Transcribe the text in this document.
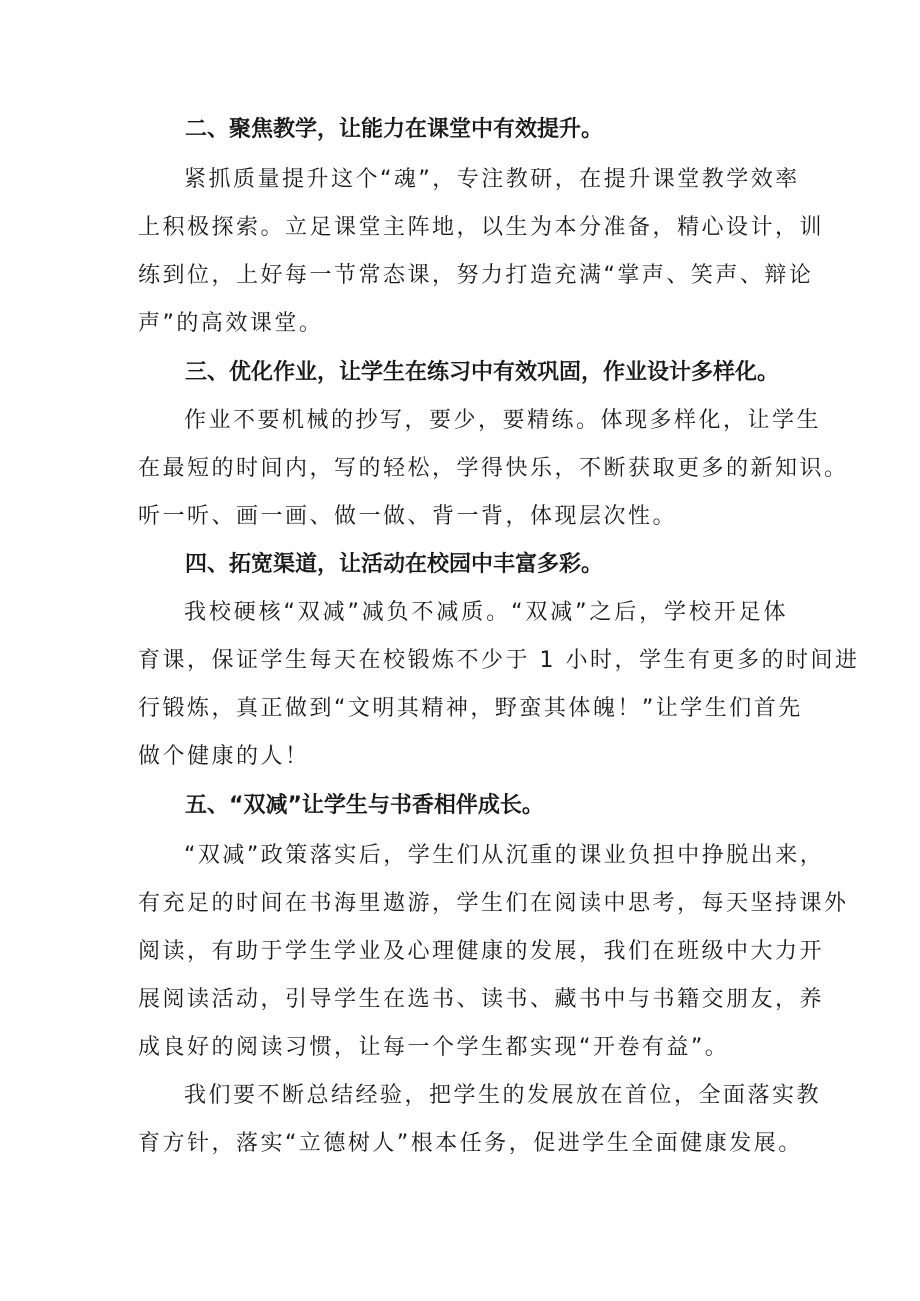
二、聚焦教学，让能力在课堂中有效提升。
紧抓质量提升这个“魂”，专注教研，在提升课堂教学效率
上积极探索。立足课堂主阵地，以生为本分准备，精心设计，训
练到位，上好每一节常态课，努力打造充满“掌声、笑声、辩论
声”的高效课堂。
三、优化作业，让学生在练习中有效巩固，作业设计多样化。
作业不要机械的抄写，要少，要精练。体现多样化，让学生
在最短的时间内，写的轻松，学得快乐，不断获取更多的新知识。
听一听、画一画、做一做、背一背，体现层次性。
四、拓宽渠道，让活动在校园中丰富多彩。
我校硬核“双减”减负不减质。“双减”之后，学校开足体
育课，保证学生每天在校锻炼不少于 1 小时，学生有更多的时间进
行锻炼，真正做到“文明其精神，野蛮其体魄！”让学生们首先
做个健康的人！
五、“双减”让学生与书香相伴成长。
“双减”政策落实后，学生们从沉重的课业负担中挣脱出来，
有充足的时间在书海里遨游，学生们在阅读中思考，每天坚持课外
阅读，有助于学生学业及心理健康的发展，我们在班级中大力开
展阅读活动，引导学生在选书、读书、藏书中与书籍交朋友，养
成良好的阅读习惯，让每一个学生都实现“开卷有益”。
我们要不断总结经验，把学生的发展放在首位，全面落实教
育方针，落实“立德树人”根本任务，促进学生全面健康发展。
